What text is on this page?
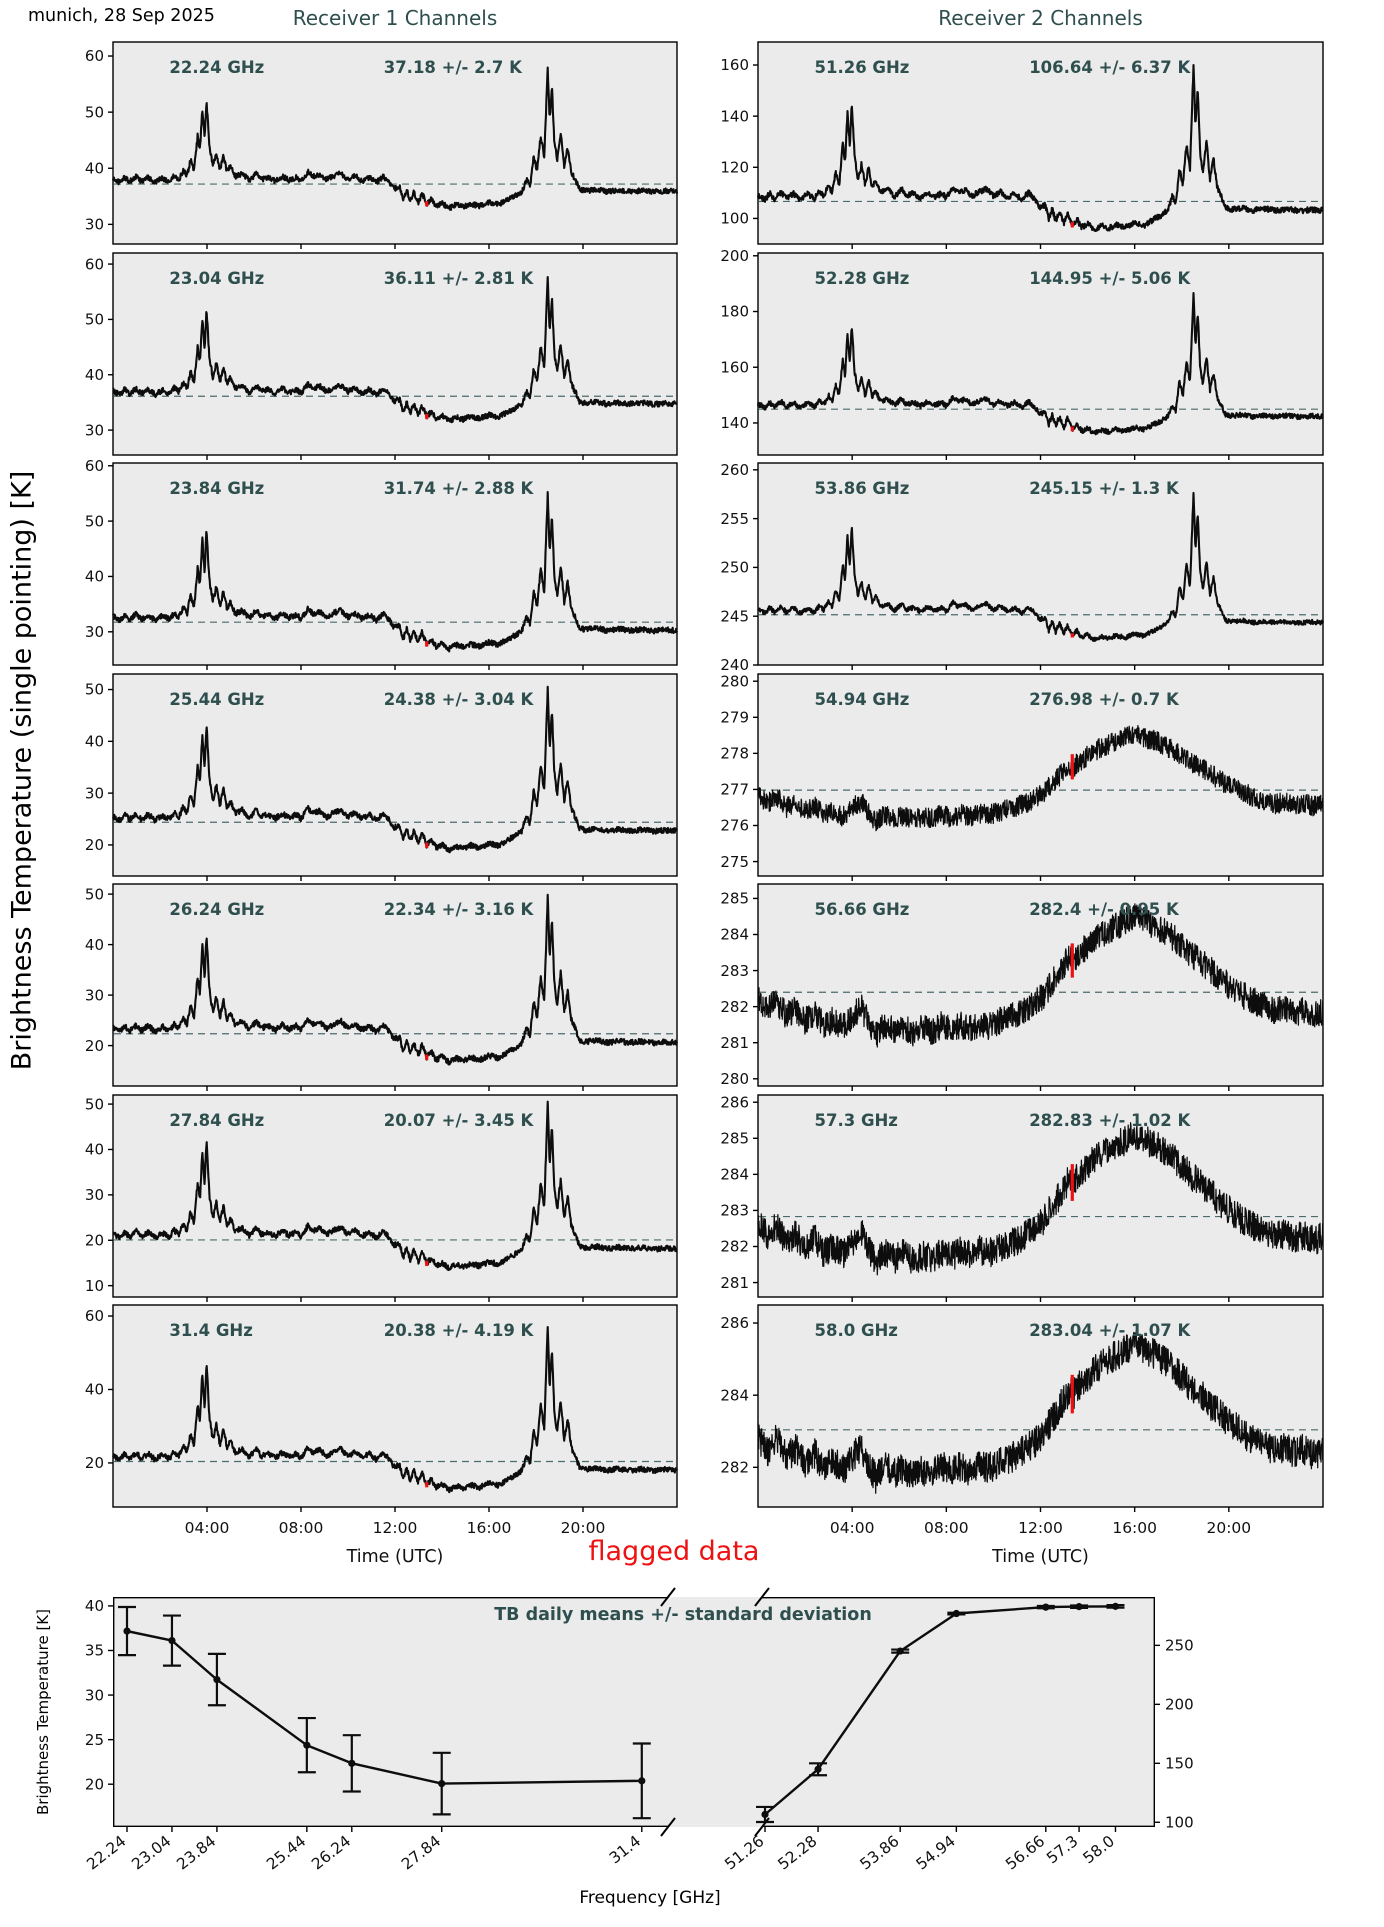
munich, 28 Sep 2025	Receiver 1 Channels	Receiver 2 Channels
Brightness Temperature (single pointing) [K]
30
40
50
60
22.24 GHz	37.18 +/- 2.7 K
30
40
50
60
23.04 GHz	36.11 +/- 2.81 K
30
40
50
60
23.84 GHz	31.74 +/- 2.88 K
20
30
40
50
25.44 GHz	24.38 +/- 3.04 K
20
30
40
50
26.24 GHz	22.34 +/- 3.16 K
10
20
30
40
50
27.84 GHz	20.07 +/- 3.45 K
20
40
60
04:00	08:00	12:00	16:00	20:00
Time (UTC)
31.4 GHz	20.38 +/- 4.19 K
100
120
140
160	51.26 GHz	106.64 +/- 6.37 K
140
160
180
200
52.28 GHz	144.95 +/- 5.06 K
240
245
250
255
260
53.86 GHz	245.15 +/- 1.3 K
275
276
277
278
279
280
54.94 GHz	276.98 +/- 0.7 K
280
281
282
283
284
285
56.66 GHz	282.4 +/- 0.95 K
281
282
283
284
285
286
57.3 GHz	282.83 +/- 1.02 K
282
284
286
04:00	08:00	12:00	16:00	20:00
Time (UTC)
58.0 GHz	283.04 +/- 1.07 K
flagged data
20
25
30
35
40
100
150
200
250
22.24
23.04
23.84	25.44
26.24	27.84	31.4	51.26 52.28 53.86 54.94	56.66
57.3
58.0
TB daily means +/- standard deviation
Brightness Temperature [K]
Frequency [GHz]
